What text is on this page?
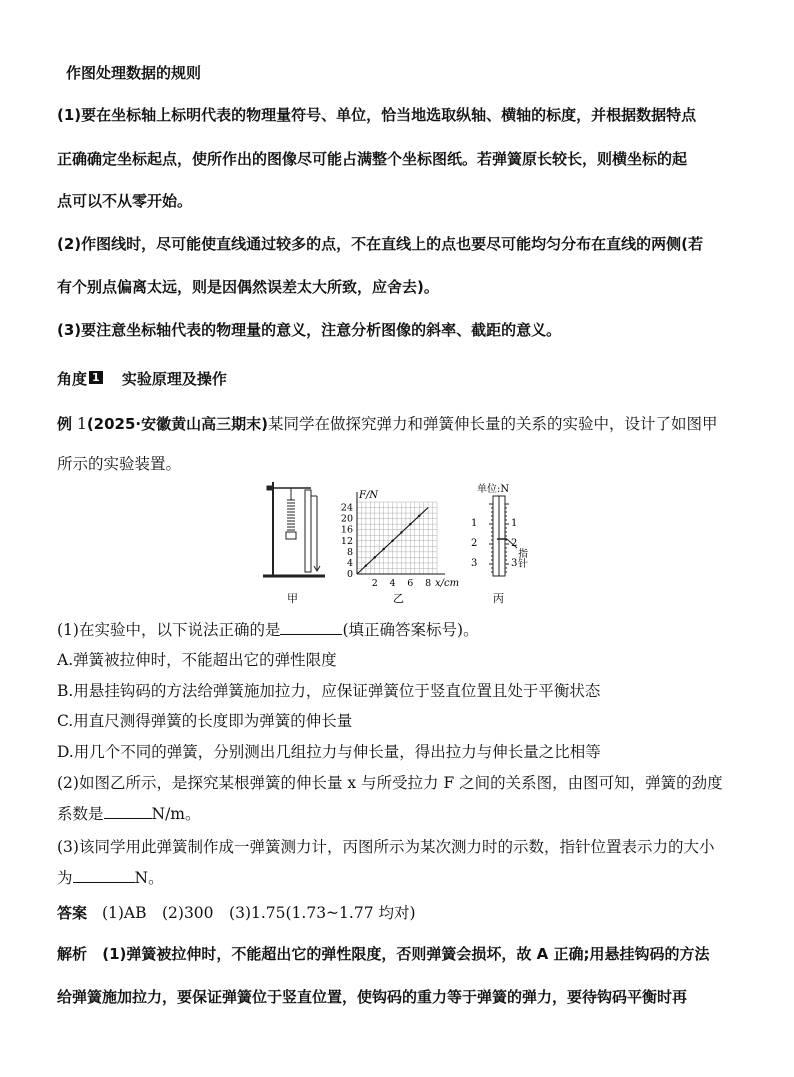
作图处理数据的规则
(1)要在坐标轴上标明代表的物理量符号、单位，恰当地选取纵轴、横轴的标度，并根据数据特点
正确确定坐标起点，使所作出的图像尽可能占满整个坐标图纸。若弹簧原长较长，则横坐标的起
点可以不从零开始。
(2)作图线时，尽可能使直线通过较多的点，不在直线上的点也要尽可能均匀分布在直线的两侧(若
有个别点偏离太远，则是因偶然误差太大所致，应舍去)。
(3)要注意坐标轴代表的物理量的意义，注意分析图像的斜率、截距的意义。
角度 1 实验原理及操作
例 1(2025·安徽黄山高三期末)某同学在做探究弹力和弹簧伸长量的关系的实验中，设计了如图甲
所示的实验装置。
甲
F/N
x/cm
24
20
16
12
8
4
0
2 4 6 8
乙
单位:N
1
2
3
1
2
3
指针
丙
(1)在实验中，以下说法正确的是	(填正确答案标号)。
A.弹簧被拉伸时，不能超出它的弹性限度
B.用悬挂钩码的方法给弹簧施加拉力，应保证弹簧位于竖直位置且处于平衡状态
C.用直尺测得弹簧的长度即为弹簧的伸长量
D.用几个不同的弹簧，分别测出几组拉力与伸长量，得出拉力与伸长量之比相等
(2)如图乙所示，是探究某根弹簧的伸长量 x 与所受拉力 F 之间的关系图，由图可知，弹簧的劲度
系数是	N/m。
(3)该同学用此弹簧制作成一弹簧测力计，丙图所示为某次测力时的示数，指针位置表示力的大小
为	N。
答案 (1)AB　(2)300　(3)1.75(1.73~1.77 均对)
解析 (1)弹簧被拉伸时，不能超出它的弹性限度，否则弹簧会损坏，故 A 正确;用悬挂钩码的方法
给弹簧施加拉力，要保证弹簧位于竖直位置，使钩码的重力等于弹簧的弹力，要待钩码平衡时再
